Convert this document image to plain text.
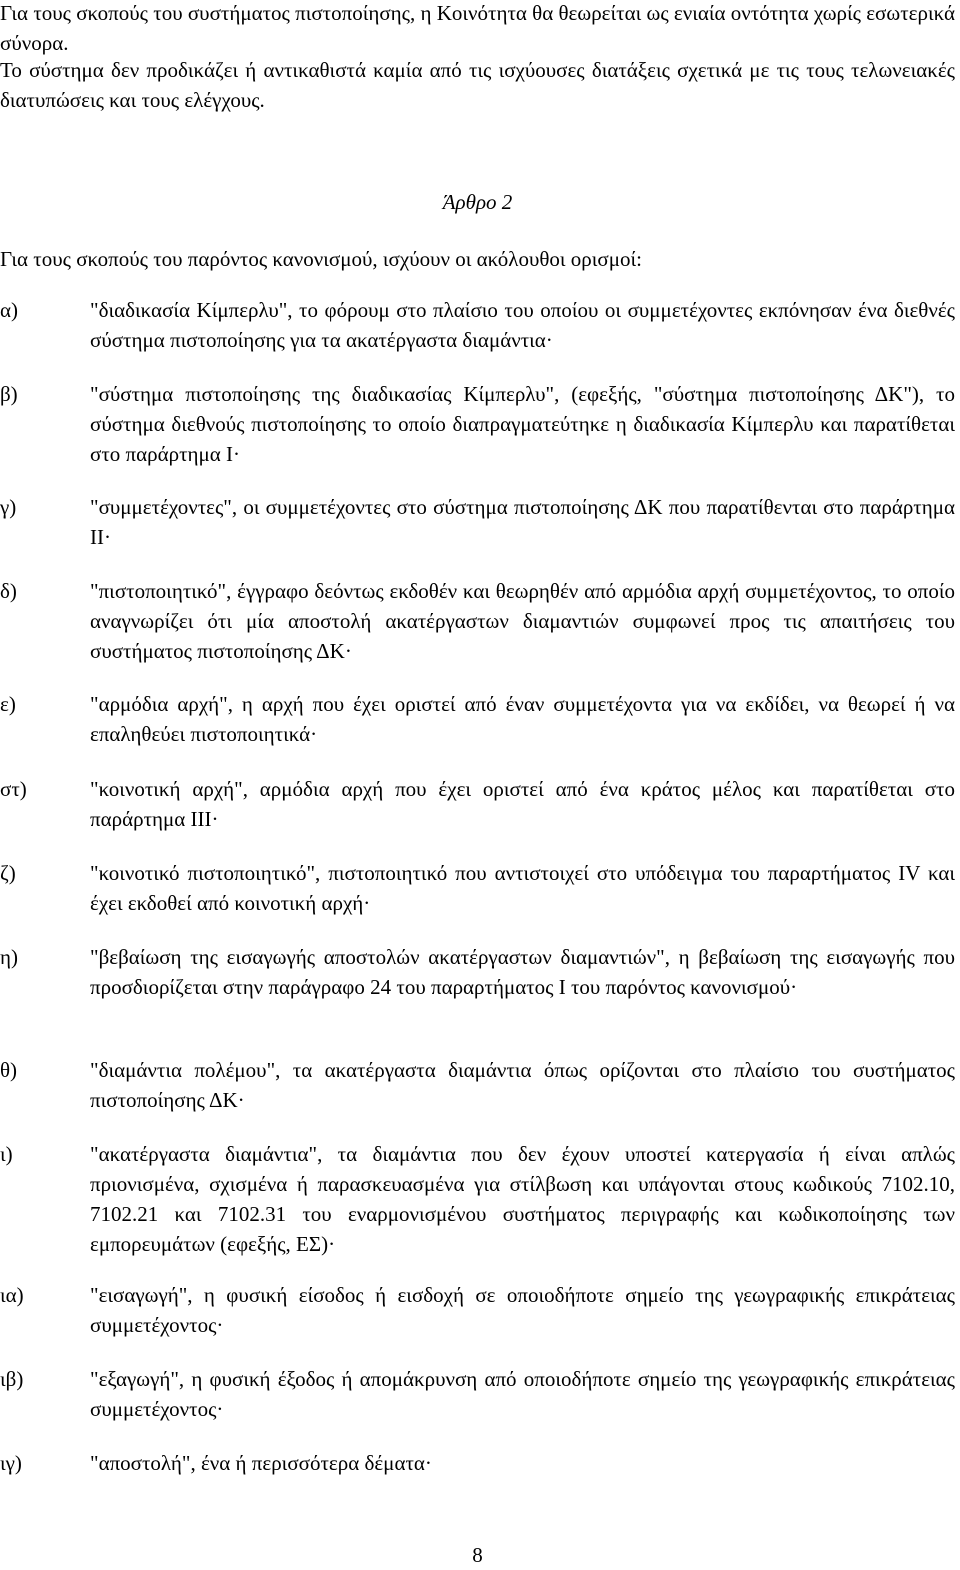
Για τους σκοπούς του συστήματος πιστοποίησης, η Κοινότητα θα θεωρείται ως ενιαία οντότητα χωρίς εσωτερικά σύνορα.

Το σύστημα δεν προδικάζει ή αντικαθιστά καμία από τις ισχύουσες διατάξεις σχετικά με τις τους τελωνειακές διατυπώσεις και τους ελέγχους.

Άρθρο 2
Για τους σκοπούς του παρόντος κανονισμού, ισχύουν οι ακόλουθοι ορισμοί:
α)	"διαδικασία Κίμπερλυ", το φόρουμ στο πλαίσιο του οποίου οι συμμετέχοντες εκπόνησαν ένα διεθνές σύστημα πιστοποίησης για τα ακατέργαστα διαμάντια·
β)	"σύστημα πιστοποίησης της διαδικασίας Κίμπερλυ", (εφεξής, "σύστημα πιστοποίησης ΔΚ"), το σύστημα διεθνούς πιστοποίησης το οποίο διαπραγματεύτηκε η διαδικασία Κίμπερλυ και παρατίθεται στο παράρτημα Ι·
γ)	"συμμετέχοντες", οι συμμετέχοντες στο σύστημα πιστοποίησης ΔΚ που παρατίθενται στο παράρτημα ΙΙ·
δ)	"πιστοποιητικό", έγγραφο δεόντως εκδοθέν και θεωρηθέν από αρμόδια αρχή συμμετέχοντος, το οποίο αναγνωρίζει ότι μία αποστολή ακατέργαστων διαμαντιών συμφωνεί προς τις απαιτήσεις του συστήματος πιστοποίησης ΔΚ·
ε)	"αρμόδια αρχή", η αρχή που έχει οριστεί από έναν συμμετέχοντα για να εκδίδει, να θεωρεί ή να επαληθεύει πιστοποιητικά·
στ)	"κοινοτική αρχή", αρμόδια αρχή που έχει οριστεί από ένα κράτος μέλος και παρατίθεται στο παράρτημα ΙΙΙ·
ζ)	"κοινοτικό πιστοποιητικό", πιστοποιητικό που αντιστοιχεί στο υπόδειγμα του παραρτήματος IV και έχει εκδοθεί από κοινοτική αρχή·
η)	"βεβαίωση της εισαγωγής αποστολών ακατέργαστων διαμαντιών", η βεβαίωση της εισαγωγής που προσδιορίζεται στην παράγραφο 24 του παραρτήματος Ι του παρόντος κανονισμού·
θ)	"διαμάντια πολέμου", τα ακατέργαστα διαμάντια όπως ορίζονται στο πλαίσιο του συστήματος πιστοποίησης ΔΚ·
ι)	"ακατέργαστα διαμάντια", τα διαμάντια που δεν έχουν υποστεί κατεργασία ή είναι απλώς πριονισμένα, σχισμένα ή παρασκευασμένα για στίλβωση και υπάγονται στους κωδικούς 7102.10, 7102.21 και 7102.31 του εναρμονισμένου συστήματος περιγραφής και κωδικοποίησης των εμπορευμάτων (εφεξής, ΕΣ)·
ια)	"εισαγωγή", η φυσική είσοδος ή εισδοχή σε οποιοδήποτε σημείο της γεωγραφικής επικράτειας συμμετέχοντος·
ιβ)	"εξαγωγή", η φυσική έξοδος ή απομάκρυνση από οποιοδήποτε σημείο της γεωγραφικής επικράτειας συμμετέχοντος·
ιγ)	"αποστολή", ένα ή περισσότερα δέματα·
8
